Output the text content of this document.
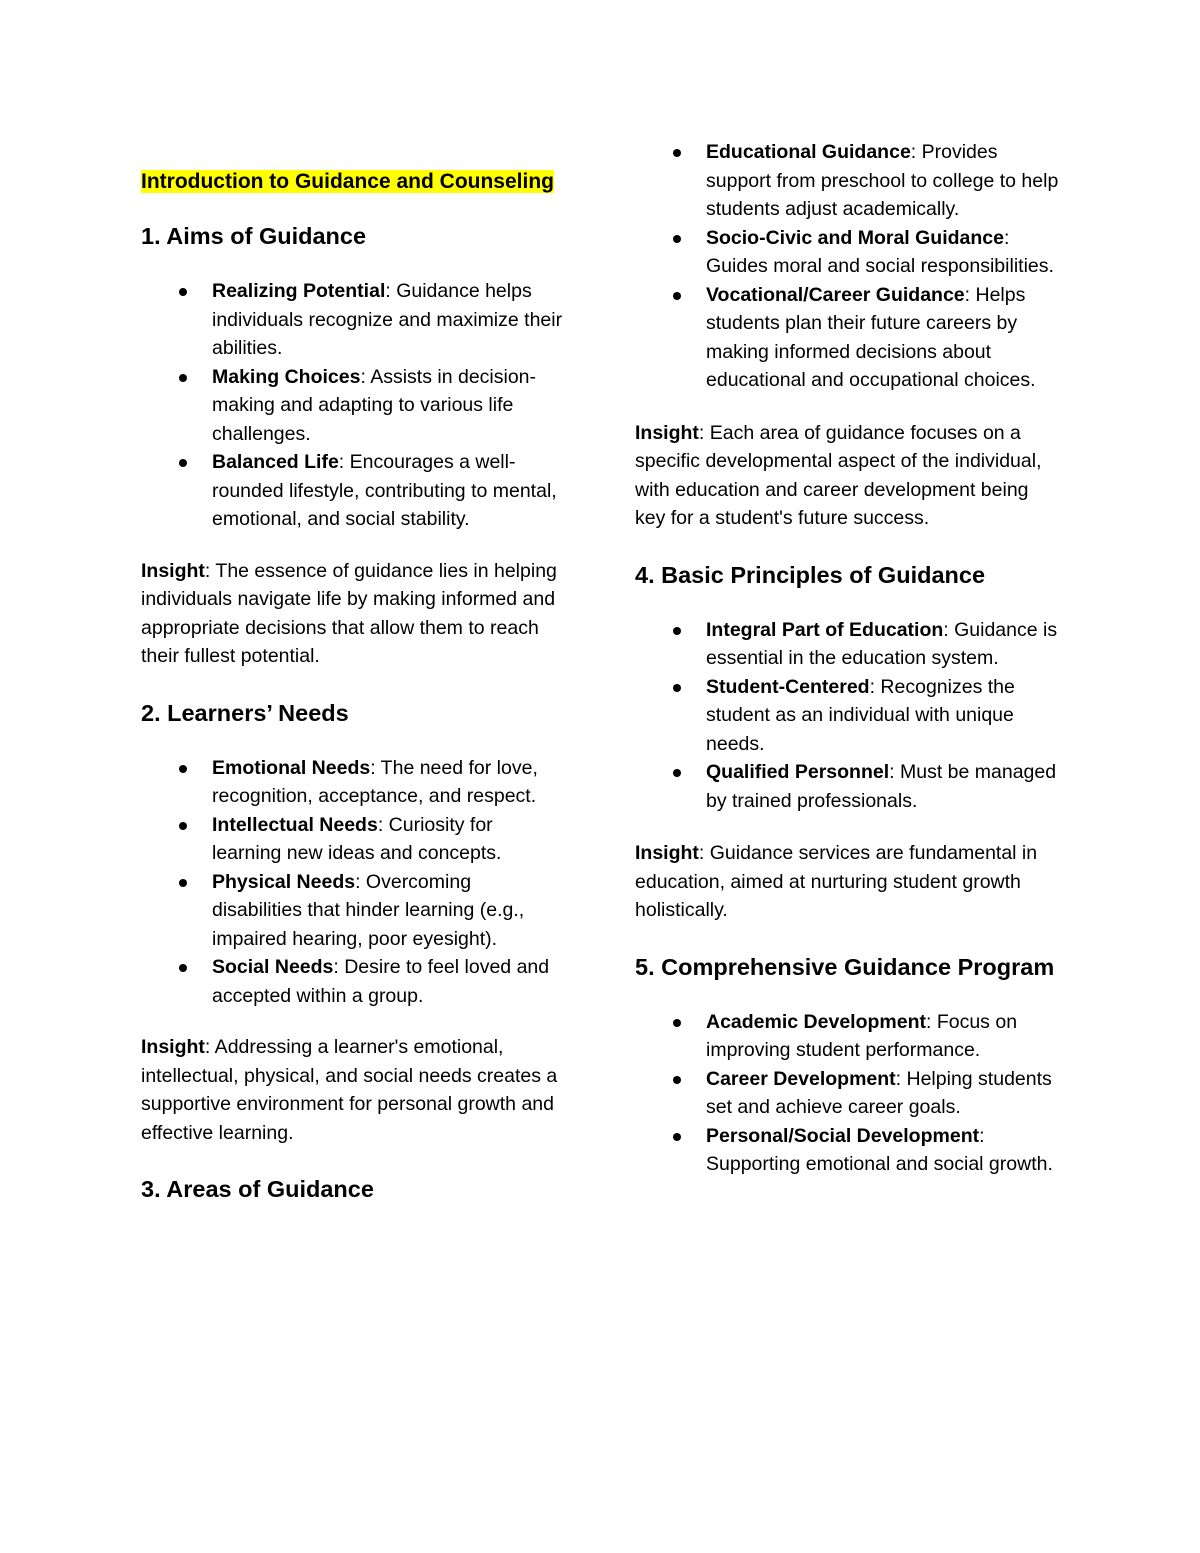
Introduction to Guidance and Counseling
1. Aims of Guidance
Realizing Potential: Guidance helps individuals recognize and maximize their abilities.
Making Choices: Assists in decision-making and adapting to various life challenges.
Balanced Life: Encourages a well-rounded lifestyle, contributing to mental, emotional, and social stability.

Insight: The essence of guidance lies in helping individuals navigate life by making informed and appropriate decisions that allow them to reach their fullest potential.

2. Learners’ Needs
Emotional Needs: The need for love, recognition, acceptance, and respect.
Intellectual Needs: Curiosity for learning new ideas and concepts.
Physical Needs: Overcoming disabilities that hinder learning (e.g., impaired hearing, poor eyesight).
Social Needs: Desire to feel loved and accepted within a group.

Insight: Addressing a learner's emotional, intellectual, physical, and social needs creates a supportive environment for personal growth and effective learning.

3. Areas of Guidance
Educational Guidance: Provides support from preschool to college to help students adjust academically.
Socio-Civic and Moral Guidance: Guides moral and social responsibilities.
Vocational/Career Guidance: Helps students plan their future careers by making informed decisions about educational and occupational choices.

Insight: Each area of guidance focuses on a specific developmental aspect of the individual, with education and career development being key for a student's future success.

4. Basic Principles of Guidance
Integral Part of Education: Guidance is essential in the education system.
Student-Centered: Recognizes the student as an individual with unique needs.
Qualified Personnel: Must be managed by trained professionals.

Insight: Guidance services are fundamental in education, aimed at nurturing student growth holistically.

5. Comprehensive Guidance Program
Academic Development: Focus on improving student performance.
Career Development: Helping students set and achieve career goals.
Personal/Social Development: Supporting emotional and social growth.
